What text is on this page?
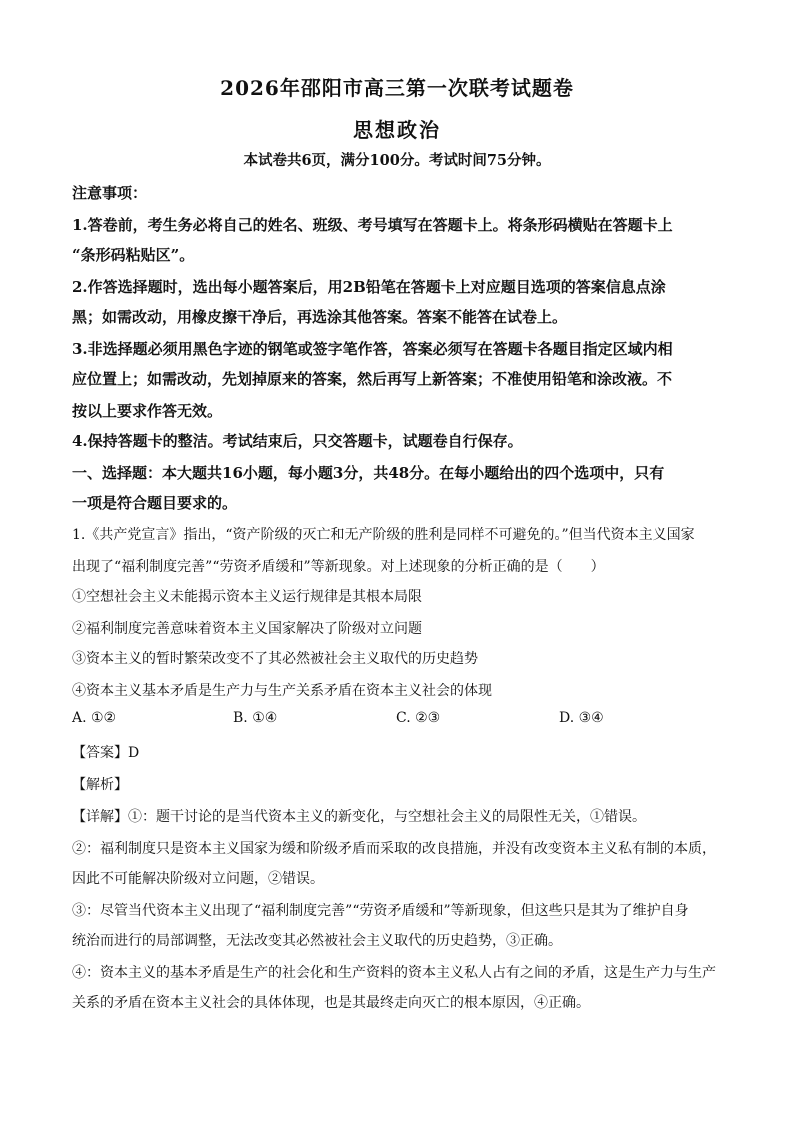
2026年邵阳市高三第一次联考试题卷
思想政治
本试卷共6页，满分100分。考试时间75分钟。
注意事项：
1.答卷前，考生务必将自己的姓名、班级、考号填写在答题卡上。将条形码横贴在答题卡上
“条形码粘贴区”。
2.作答选择题时，选出每小题答案后，用2B铅笔在答题卡上对应题目选项的答案信息点涂
黑；如需改动，用橡皮擦干净后，再选涂其他答案。答案不能答在试卷上。
3.非选择题必须用黑色字迹的钢笔或签字笔作答，答案必须写在答题卡各题目指定区域内相
应位置上；如需改动，先划掉原来的答案，然后再写上新答案；不准使用铅笔和涂改液。不
按以上要求作答无效。
4.保持答题卡的整洁。考试结束后，只交答题卡，试题卷自行保存。
一、选择题：本大题共16小题，每小题3分，共48分。在每小题给出的四个选项中，只有
一项是符合题目要求的。
1.《共产党宣言》指出，“资产阶级的灭亡和无产阶级的胜利是同样不可避免的。”但当代资本主义国家
出现了“福利制度完善”“劳资矛盾缓和”等新现象。对上述现象的分析正确的是（　　）
①空想社会主义未能揭示资本主义运行规律是其根本局限
②福利制度完善意味着资本主义国家解决了阶级对立问题
③资本主义的暂时繁荣改变不了其必然被社会主义取代的历史趋势
④资本主义基本矛盾是生产力与生产关系矛盾在资本主义社会的体现
A. ①②	B. ①④	C. ②③	D. ③④
【答案】D
【解析】
【详解】①：题干讨论的是当代资本主义的新变化，与空想社会主义的局限性无关，①错误。
②：福利制度只是资本主义国家为缓和阶级矛盾而采取的改良措施，并没有改变资本主义私有制的本质，
因此不可能解决阶级对立问题，②错误。
③：尽管当代资本主义出现了“福利制度完善”“劳资矛盾缓和”等新现象，但这些只是其为了维护自身
统治而进行的局部调整，无法改变其必然被社会主义取代的历史趋势，③正确。
④：资本主义的基本矛盾是生产的社会化和生产资料的资本主义私人占有之间的矛盾，这是生产力与生产
关系的矛盾在资本主义社会的具体体现，也是其最终走向灭亡的根本原因，④正确。
